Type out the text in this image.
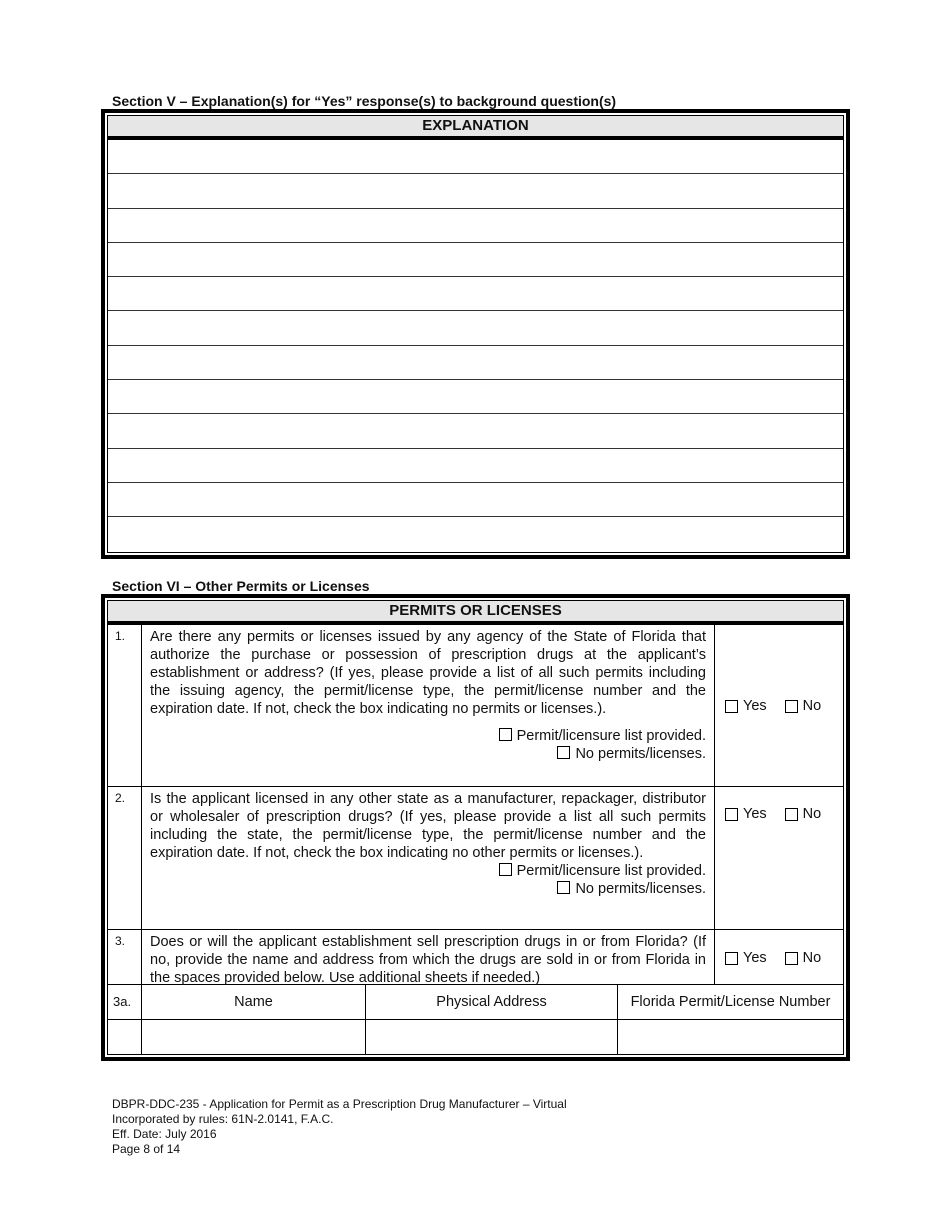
Section V – Explanation(s) for “Yes” response(s) to background question(s)
EXPLANATION
Section VI – Other Permits or Licenses
PERMITS OR LICENSES
1.	Are there any permits or licenses issued by any agency of the State of Florida that authorize the purchase or possession of prescription drugs at the applicant’s establishment or address? (If yes, please provide a list of all such permits including the issuing agency, the permit/license type, the permit/license number and the expiration date. If not, check the box indicating no permits or licenses.).
Permit/licensure list provided.
No permits/licenses.
Yes No
2.	Is the applicant licensed in any other state as a manufacturer, repackager, distributor or wholesaler of prescription drugs? (If yes, please provide a list all such permits including the state, the permit/license type, the permit/license number and the expiration date. If not, check the box indicating no other permits or licenses.).
Permit/licensure list provided.
No permits/licenses.
Yes No
3.	Does or will the applicant establishment sell prescription drugs in or from Florida? (If no, provide the name and address from which the drugs are sold in or from Florida in the spaces provided below. Use additional sheets if needed.)
Yes No
3a.	Name	Physical Address	Florida Permit/License Number
DBPR-DDC-235 - Application for Permit as a Prescription Drug Manufacturer – Virtual
Incorporated by rules: 61N-2.0141, F.A.C.
Eff. Date: July 2016
Page 8 of 14
